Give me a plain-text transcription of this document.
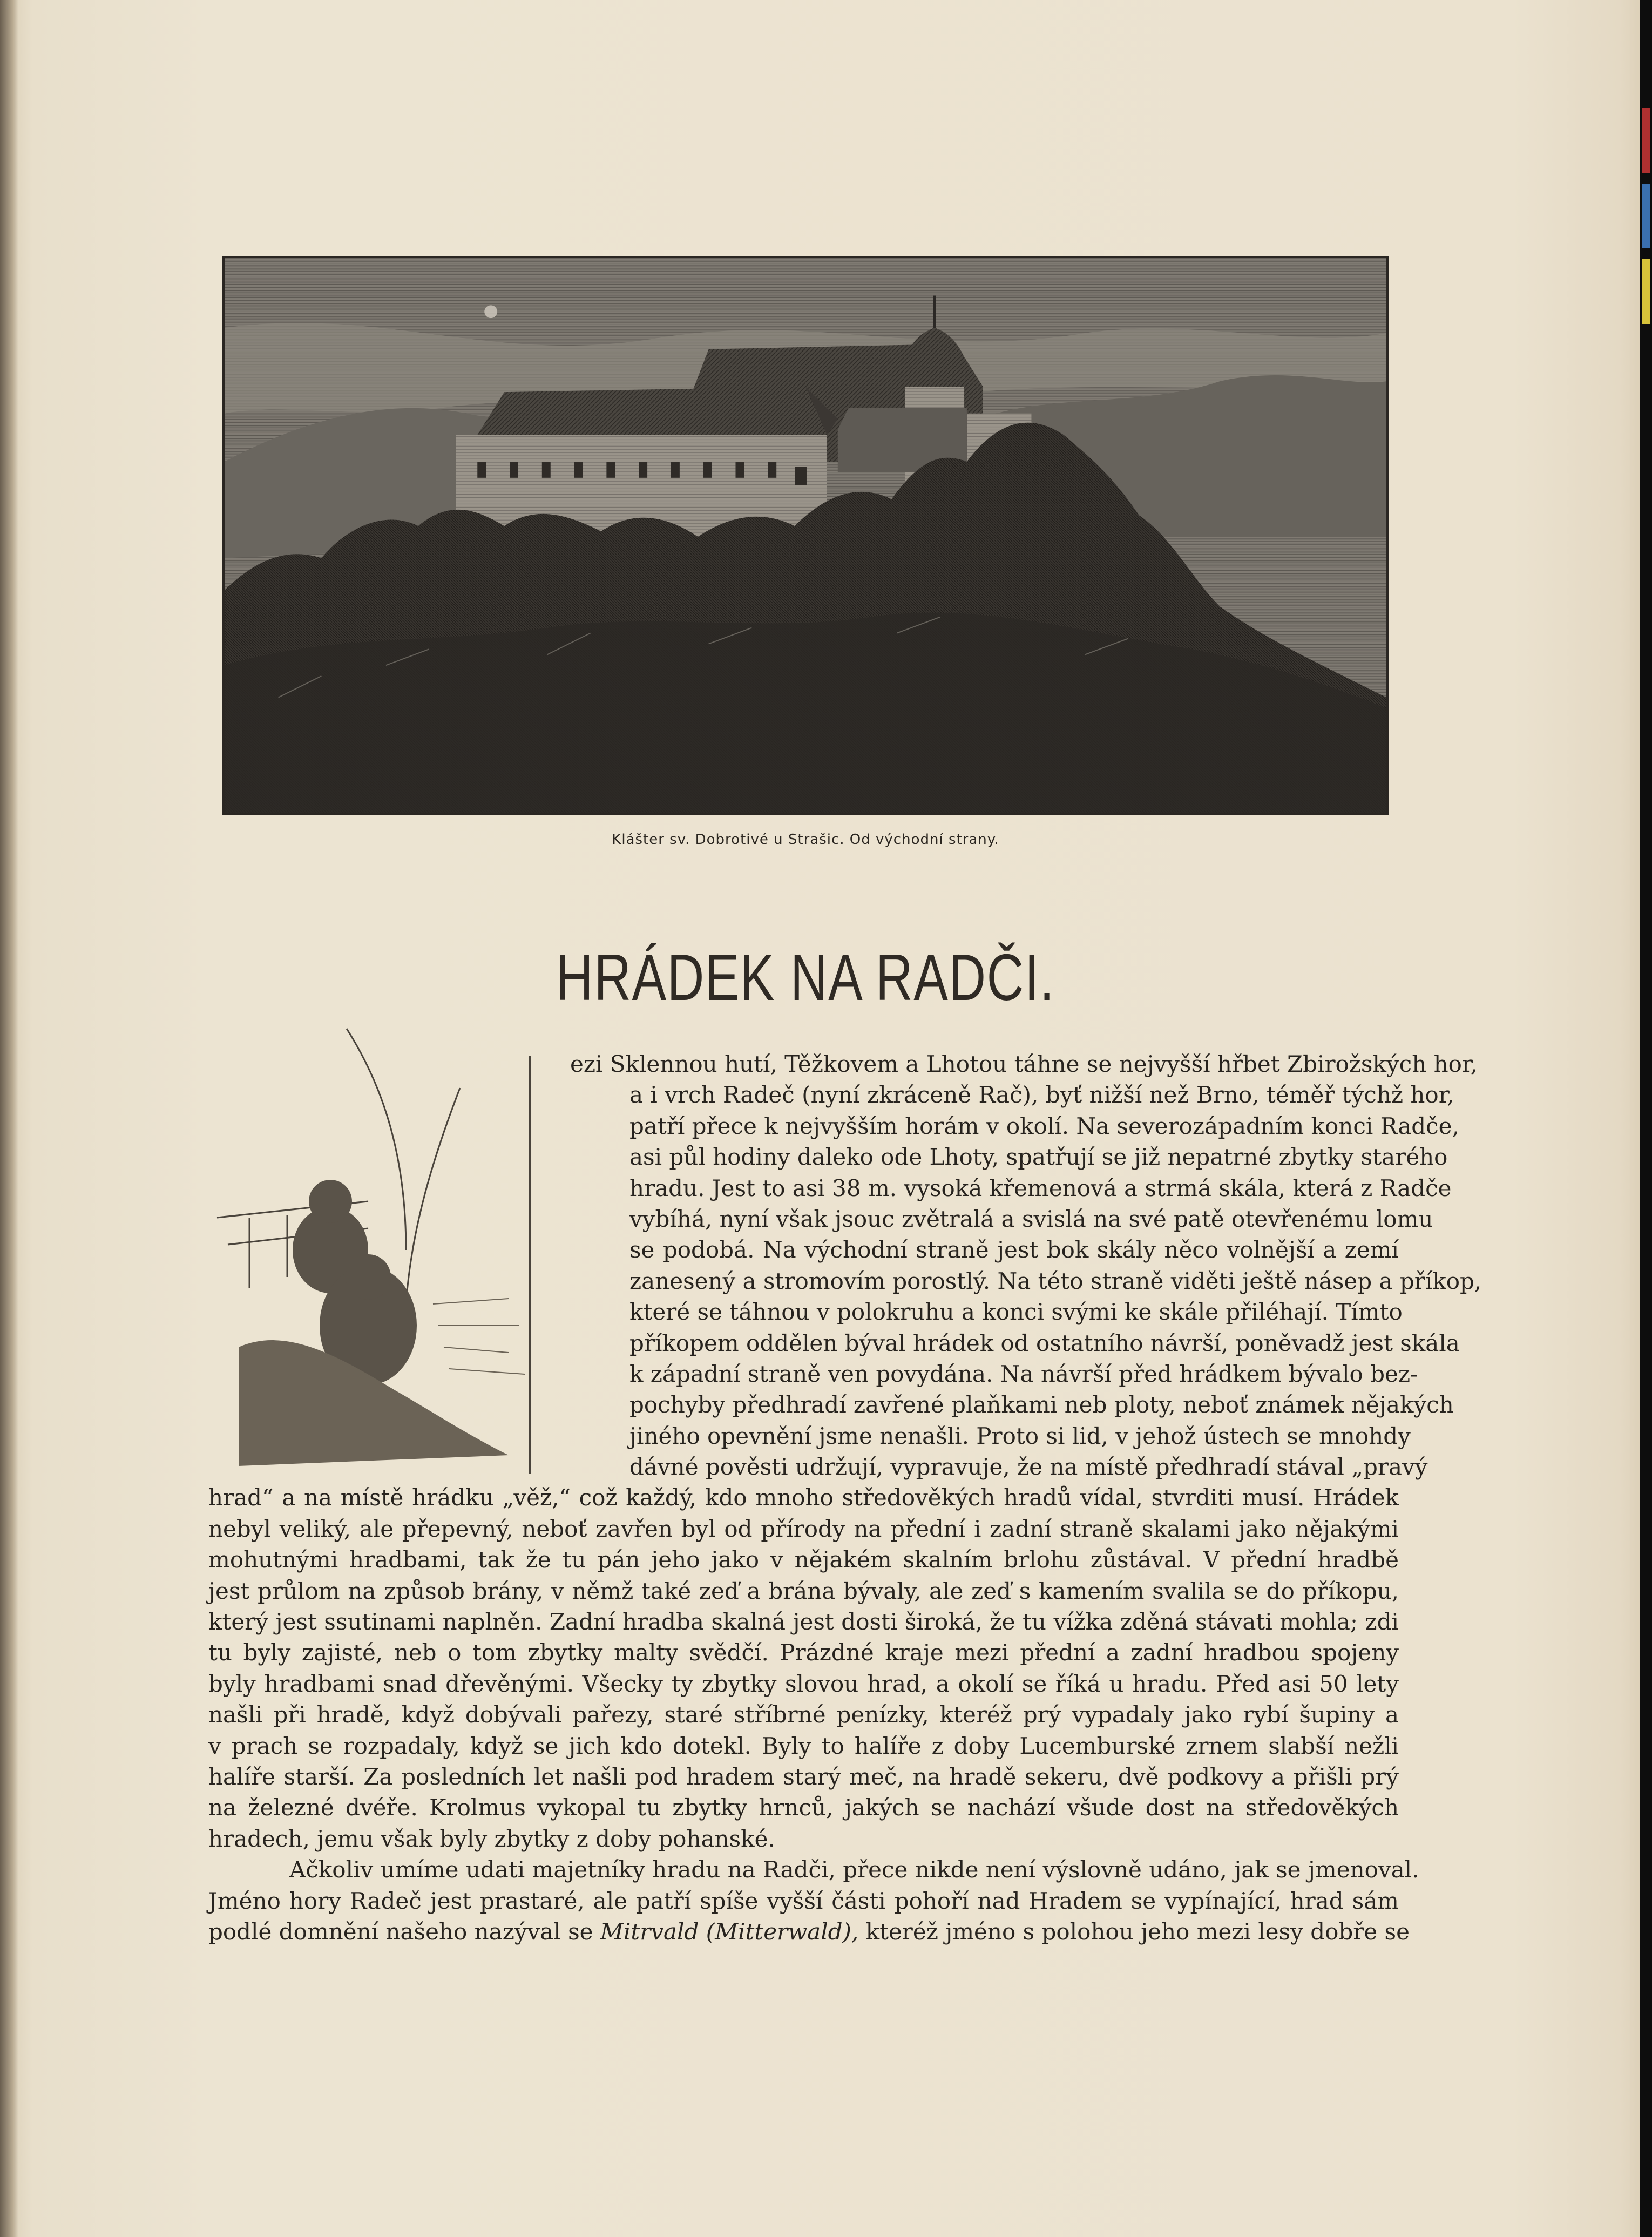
Klášter sv. Dobrotivé u Strašic. Od východní strany.
HRÁDEK NA RADČI.
ezi Sklennou hutí, Těžkovem a Lhotou táhne se nejvyšší hřbet Zbirožských hor,
a i vrch Radeč (nyní zkráceně Rač), byť nižší než Brno, téměř týchž hor,
patří přece k nejvyšším horám v okolí. Na severozápadním konci Radče,
asi půl hodiny daleko ode Lhoty, spatřují se již nepatrné zbytky starého
hradu. Jest to asi 38 m. vysoká křemenová a strmá skála, která z Radče
vybíhá, nyní však jsouc zvětralá a svislá na své patě otevřenému lomu
se podobá. Na východní straně jest bok skály něco volnější a zemí
zanesený a stromovím porostlý. Na této straně viděti ještě násep a příkop,
které se táhnou v polokruhu a konci svými ke skále přiléhají. Tímto
příkopem oddělen býval hrádek od ostatního návrší, poněvadž jest skála
k západní straně ven povydána. Na návrší před hrádkem bývalo bez-
pochyby předhradí zavřené plaňkami neb ploty, neboť známek nějakých
jiného opevnění jsme nenašli. Proto si lid, v jehož ústech se mnohdy
dávné pověsti udržují, vypravuje, že na místě předhradí stával „pravý
hrad“ a na místě hrádku „věž,“ což každý, kdo mnoho středověkých hradů vídal, stvrditi musí. Hrádek
nebyl veliký, ale přepevný, neboť zavřen byl od přírody na přední i zadní straně skalami jako nějakými
mohutnými hradbami, tak že tu pán jeho jako v nějakém skalním brlohu zůstával. V přední hradbě
jest průlom na způsob brány, v němž také zeď a brána bývaly, ale zeď s kamením svalila se do příkopu,
který jest ssutinami naplněn. Zadní hradba skalná jest dosti široká, že tu vížka zděná stávati mohla; zdi
tu byly zajisté, neb o tom zbytky malty svědčí. Prázdné kraje mezi přední a zadní hradbou spojeny
byly hradbami snad dřevěnými. Všecky ty zbytky slovou hrad, a okolí se říká u hradu. Před asi 50 lety
našli při hradě, když dobývali pařezy, staré stříbrné penízky, kteréž prý vypadaly jako rybí šupiny a
v prach se rozpadaly, když se jich kdo dotekl. Byly to halíře z doby Lucemburské zrnem slabší nežli
halíře starší. Za posledních let našli pod hradem starý meč, na hradě sekeru, dvě podkovy a přišli prý
na železné dvéře. Krolmus vykopal tu zbytky hrnců, jakých se nachází všude dost na středověkých
hradech, jemu však byly zbytky z doby pohanské.
Ačkoliv umíme udati majetníky hradu na Radči, přece nikde není výslovně udáno, jak se jmenoval.
Jméno hory Radeč jest prastaré, ale patří spíše vyšší části pohoří nad Hradem se vypínající, hrad sám
podlé domnění našeho nazýval se Mitrvald (Mitterwald), kteréž jméno s polohou jeho mezi lesy dobře se
